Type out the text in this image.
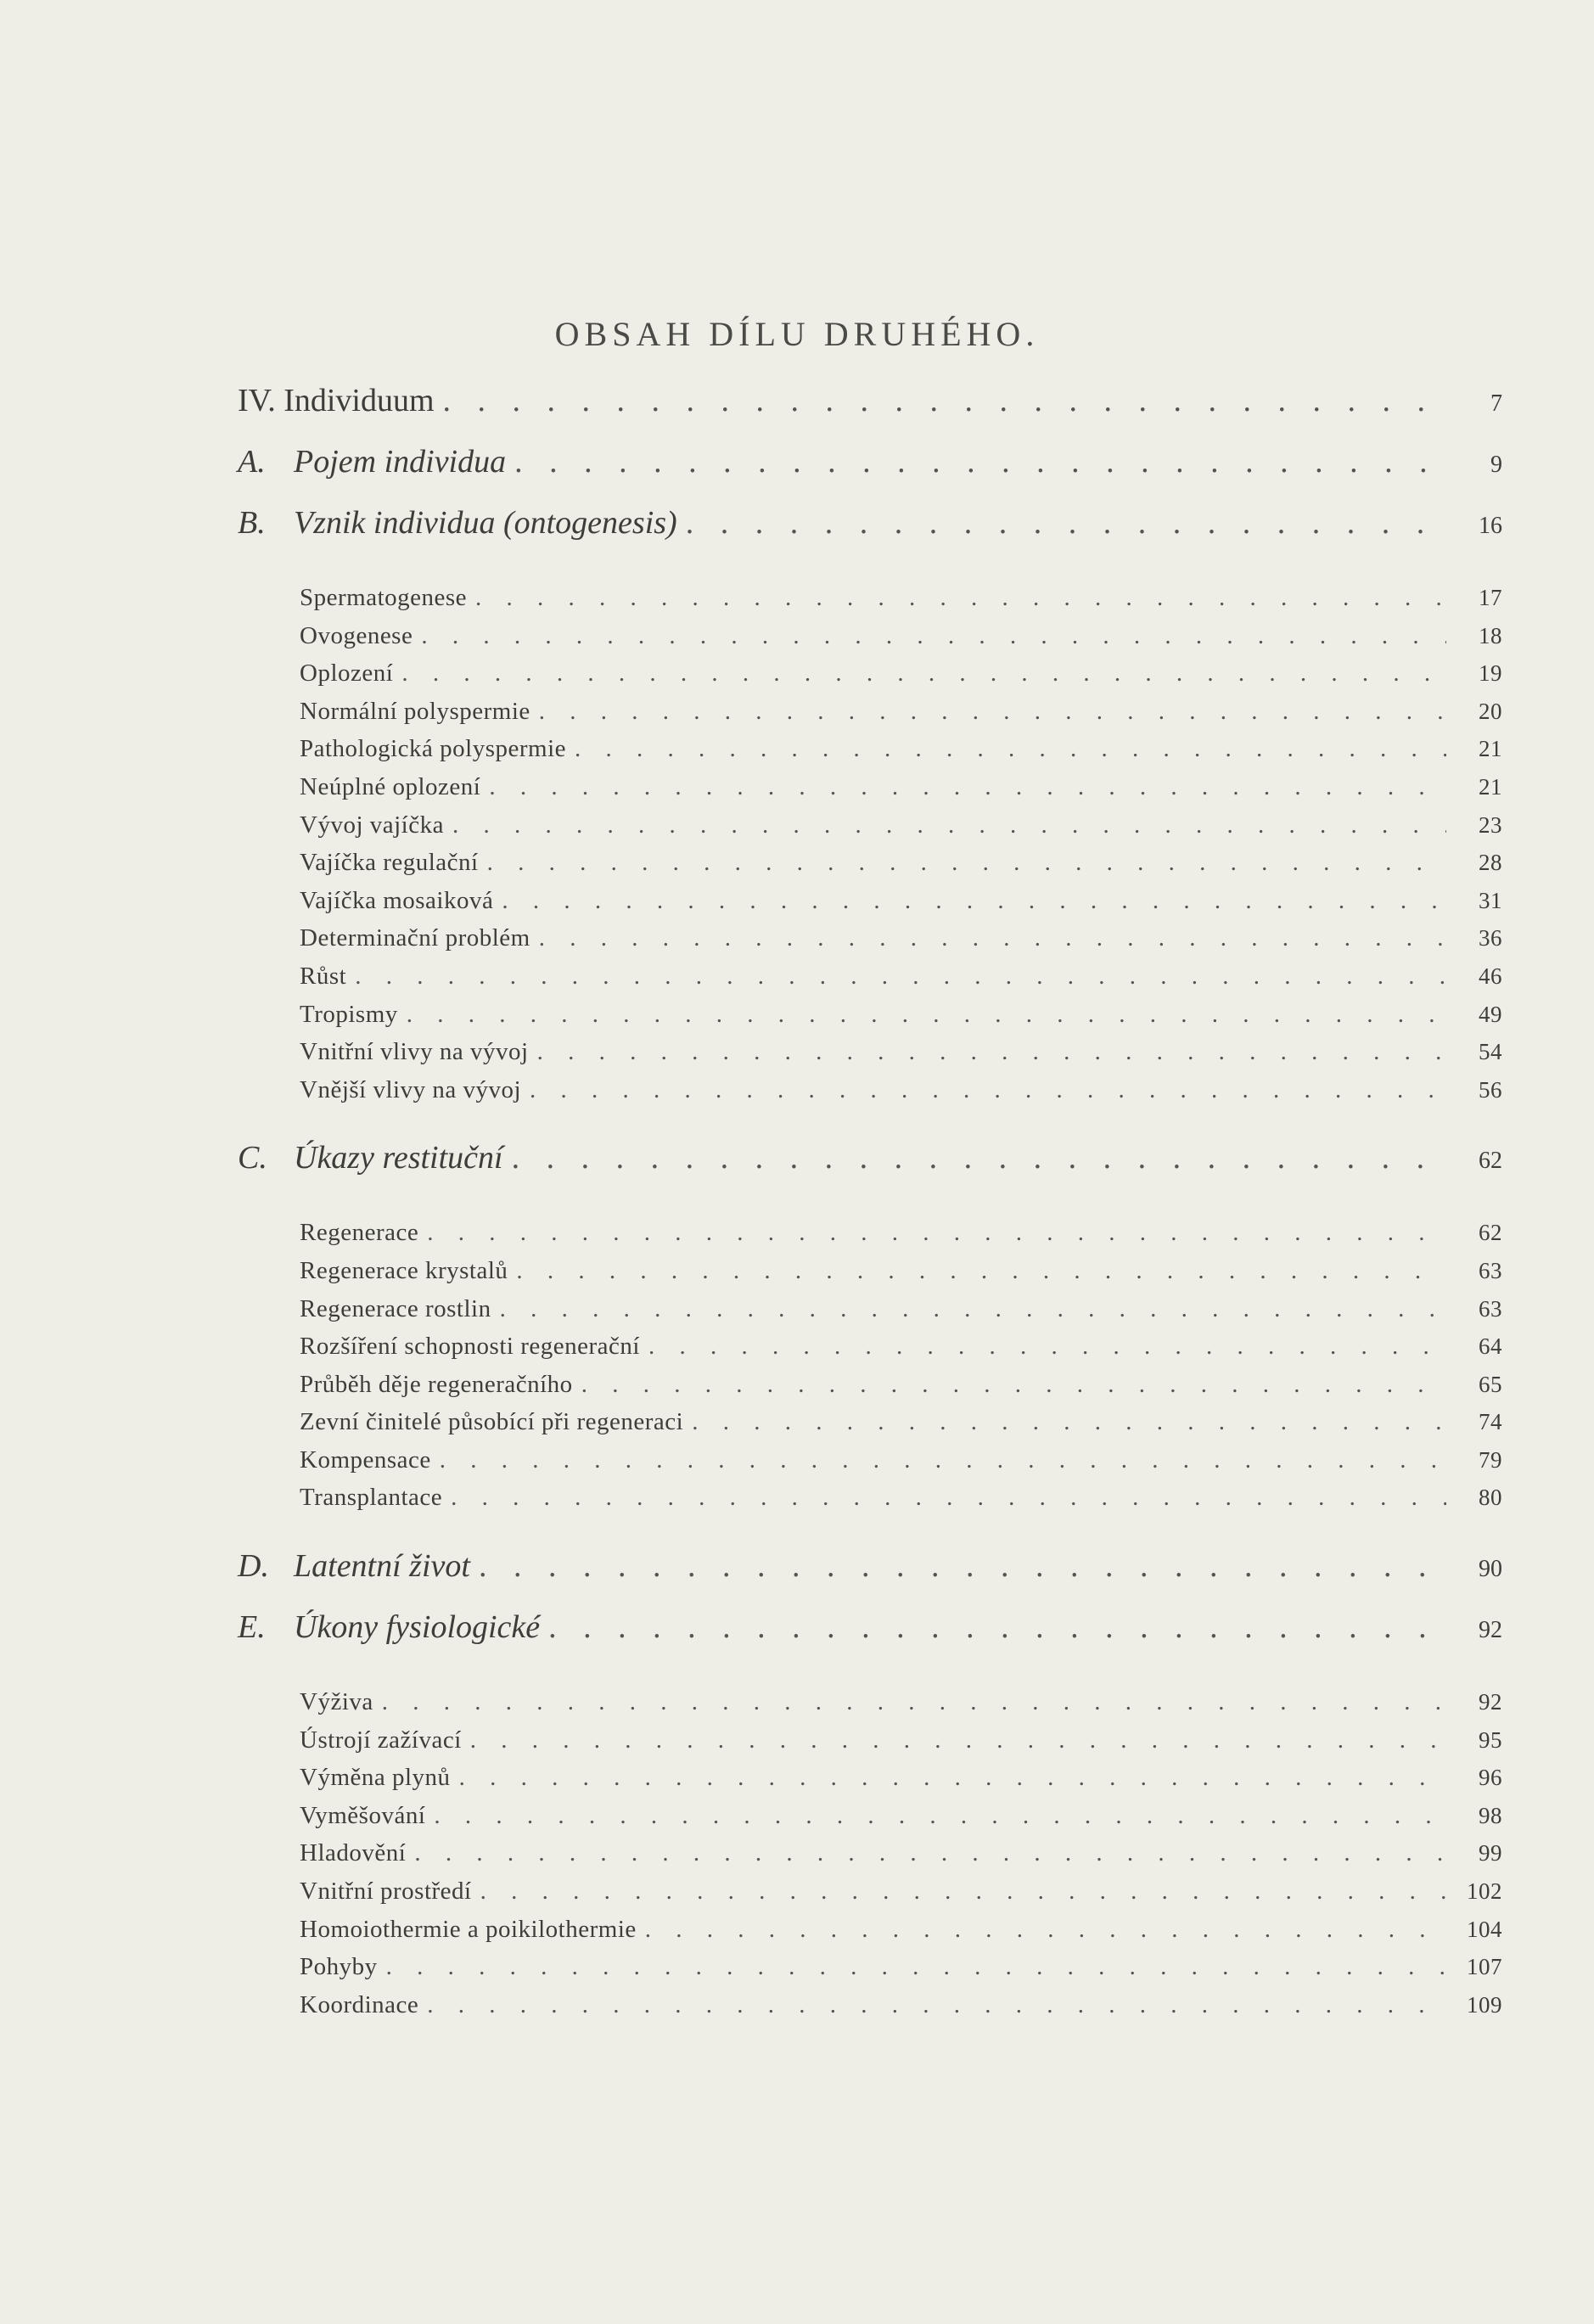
OBSAH DÍLU DRUHÉHO.
IV. Individuum . . .	7
A. Pojem individua . . .	9
B. Vznik individua (ontogenesis) . . .	16
Spermatogenese . . .	17
Ovogenese . . .	18
Oplození . . .	19
Normální polyspermie . . .	20
Pathologická polyspermie . . .	21
Neúplné oplození . . .	21
Vývoj vajíčka . . .	23
Vajíčka regulační . . .	28
Vajíčka mosaiková . . .	31
Determinační problém . . .	36
Růst . . .	46
Tropismy . . .	49
Vnitřní vlivy na vývoj . . .	54
Vnější vlivy na vývoj . . .	56
C. Úkazy restituční . . .	62
Regenerace . . .	62
Regenerace krystalů . . .	63
Regenerace rostlin . . .	63
Rozšíření schopnosti regenerační . . .	64
Průběh děje regeneračního . . .	65
Zevní činitelé působící při regeneraci . . .	74
Kompensace . . .	79
Transplantace . . .	80
D. Latentní život . . .	90
E. Úkony fysiologické . . .	92
Výživa . . .	92
Ústrojí zažívací . . .	95
Výměna plynů . . .	96
Vyměšování . . .	98
Hladovění . . .	99
Vnitřní prostředí . . .	102
Homoiothermie a poikilothermie . . .	104
Pohyby . . .	107
Koordinace . . .	109
